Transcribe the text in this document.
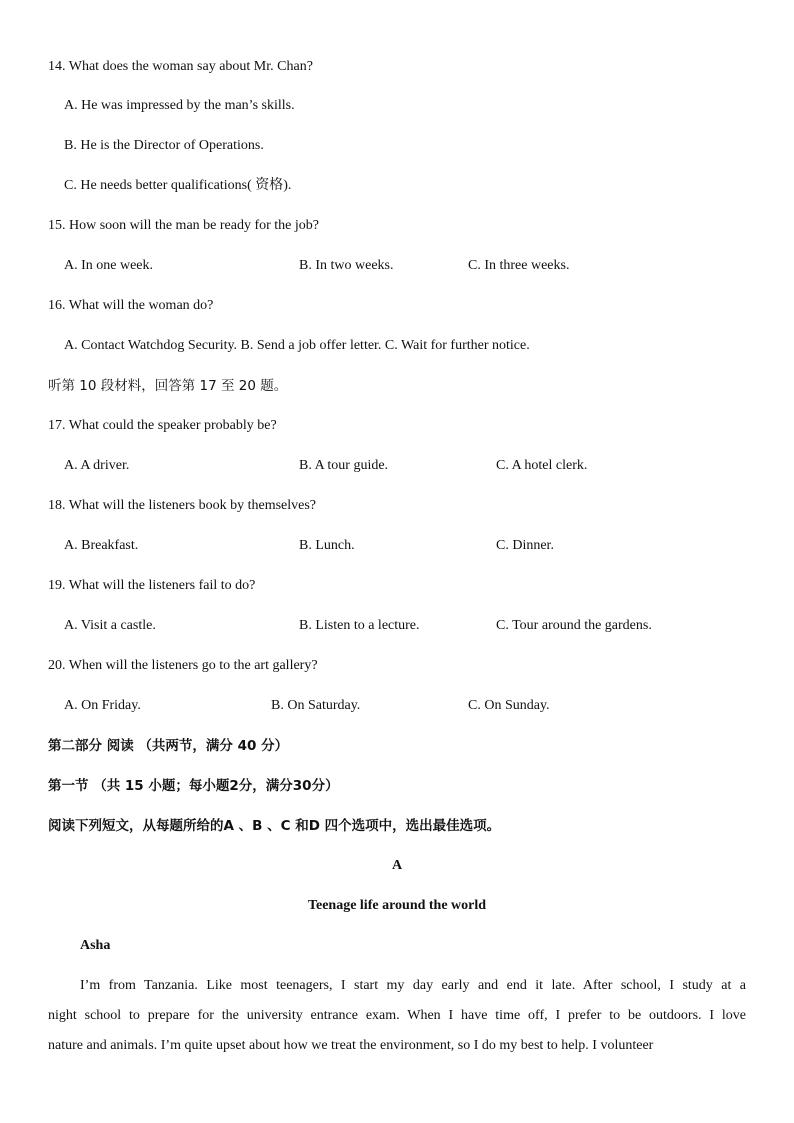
14. What does the woman say about Mr. Chan?
A. He was impressed by the man’s skills.
B. He is the Director of Operations.
C. He needs better qualifications( 资格).
15. How soon will the man be ready for the job?
A. In one week.	B. In two weeks.	C. In three weeks.
16. What will the woman do?
A. Contact Watchdog Security. B. Send a job offer letter. C. Wait for further notice.
听第 10 段材料，回答第 17 至 20 题。
17. What could the speaker probably be?
A. A driver.	B. A tour guide.	C. A hotel clerk.
18. What will the listeners book by themselves?
A. Breakfast.	B. Lunch.	C. Dinner.
19. What will the listeners fail to do?
A. Visit a castle.	B. Listen to a lecture.	C. Tour around the gardens.
20. When will the listeners go to the art gallery?
A. On Friday.	B. On Saturday.	C. On Sunday.
第二部分 阅读 （共两节，满分 40 分）
第一节 （共 15 小题；每小题2分，满分30分）
阅读下列短文，从每题所给的A 、B 、C 和D 四个选项中，选出最佳选项。
A
Teenage life around the world
Asha
I’m from Tanzania. Like most teenagers, I start my day early and end it late. After school, I study at a
night school to prepare for the university entrance exam. When I have time off, I prefer to be outdoors. I love
nature and animals. I’m quite upset about how we treat the environment, so I do my best to help. I volunteer
